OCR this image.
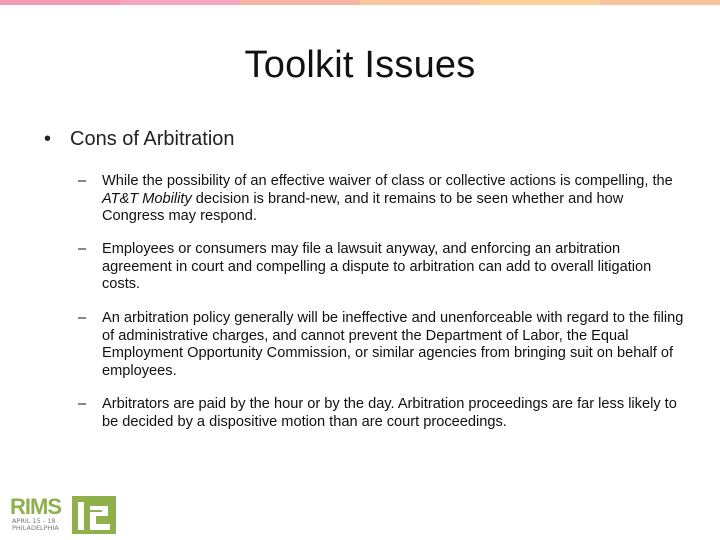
Toolkit Issues
• Cons of Arbitration
–	While the possibility of an effective waiver of class or collective actions is compelling, the AT&T Mobility decision is brand-new, and it remains to be seen whether and how Congress may respond.
–	Employees or consumers may file a lawsuit anyway, and enforcing an arbitration agreement in court and compelling a dispute to arbitration can add to overall litigation costs.
–	An arbitration policy generally will be ineffective and unenforceable with regard to the filing of administrative charges, and cannot prevent the Department of Labor, the Equal Employment Opportunity Commission, or similar agencies from bringing suit on behalf of employees.
–	Arbitrators are paid by the hour or by the day. Arbitration proceedings are far less likely to be decided by a dispositive motion than are court proceedings.
RIMS
APRIL 15 - 18
PHILADELPHIA
